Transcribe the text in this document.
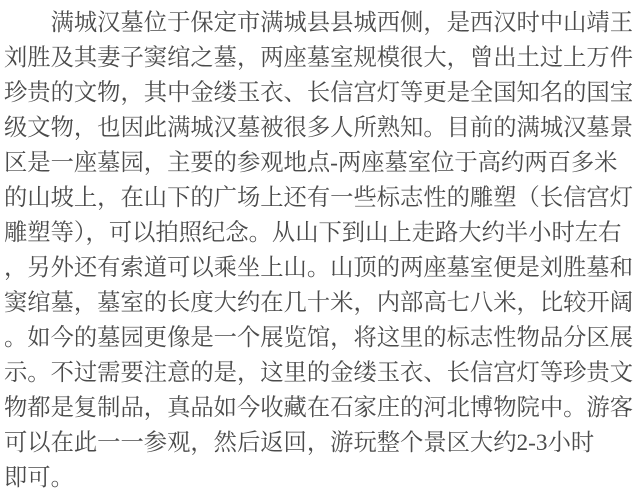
满城汉墓位于保定市满城县县城西侧，是西汉时中山靖王
刘胜及其妻子窦绾之墓，两座墓室规模很大，曾出土过上万件
珍贵的文物，其中金缕玉衣、长信宫灯等更是全国知名的国宝
级文物，也因此满城汉墓被很多人所熟知。目前的满城汉墓景
区是一座墓园，主要的参观地点-两座墓室位于高约两百多米
的山坡上，在山下的广场上还有一些标志性的雕塑（长信宫灯
雕塑等），可以拍照纪念。从山下到山上走路大约半小时左右
，另外还有索道可以乘坐上山。山顶的两座墓室便是刘胜墓和
窦绾墓，墓室的长度大约在几十米，内部高七八米，比较开阔
。如今的墓园更像是一个展览馆，将这里的标志性物品分区展
示。不过需要注意的是，这里的金缕玉衣、长信宫灯等珍贵文
物都是复制品，真品如今收藏在石家庄的河北博物院中。游客
可以在此一一参观，然后返回，游玩整个景区大约2-3小时
即可。
